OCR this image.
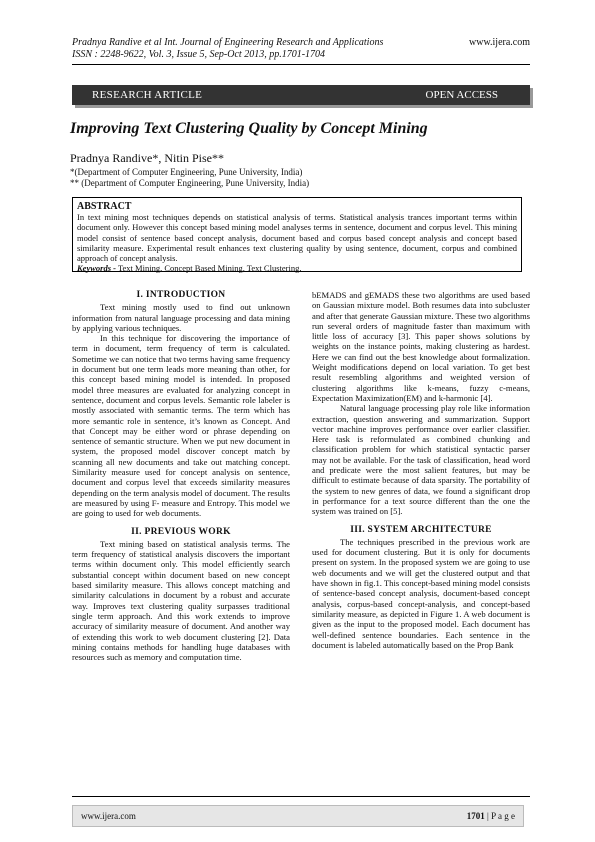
Pradnya Randive et al Int. Journal of Engineering Research and Applications
ISSN : 2248-9622, Vol. 3, Issue 5, Sep-Oct 2013, pp.1701-1704
www.ijera.com
RESEARCH ARTICLE	OPEN ACCESS
Improving Text Clustering Quality by Concept Mining
Pradnya Randive*, Nitin Pise**
*(Department of Computer Engineering, Pune University, India)
** (Department of Computer Engineering, Pune University, India)
ABSTRACT
In text mining most techniques depends on statistical analysis of terms. Statistical analysis trances important terms within document only. However this concept based mining model analyses terms in sentence, document and corpus level. This mining model consist of sentence based concept analysis, document based and corpus based concept analysis and concept based similarity measure. Experimental result enhances text clustering quality by using sentence, document, corpus and combined approach of concept analysis.
Keywords - Text Mining, Concept Based Mining, Text Clustering.
I. INTRODUCTION

Text mining mostly used to find out unknown information from natural language processing and data mining by applying various techniques.

In this technique for discovering the importance of term in document, term frequency of term is calculated. Sometime we can notice that two terms having same frequency in document but one term leads more meaning than other, for this concept based mining model is intended. In proposed model three measures are evaluated for analyzing concept in sentence, document and corpus levels. Semantic role labeler is mostly associated with semantic terms. The term which has more semantic role in sentence, it’s known as Concept. And that Concept may be either word or phrase depending on sentence of semantic structure. When we put new document in system, the proposed model discover concept match by scanning all new documents and take out matching concept. Similarity measure used for concept analysis on sentence, document and corpus level that exceeds similarity measures depending on the term analysis model of document. The results are measured by using F- measure and Entropy. This model we are going to used for web documents.

II. PREVIOUS WORK

Text mining based on statistical analysis terms. The term frequency of statistical analysis discovers the important terms within document only. This model efficiently search substantial concept within document based on new concept based similarity measure. This allows concept matching and similarity calculations in document by a robust and accurate way. Improves text clustering quality surpasses traditional single term approach. And this work extends to improve accuracy of similarity measure of document. And another way of extending this work to web document clustering [2]. Data mining contains methods for handling huge databases with resources such as memory and computation time.

bEMADS and gEMADS these two algorithms are used based on Gaussian mixture model. Both resumes data into subcluster and after that generate Gaussian mixture. These two algorithms run several orders of magnitude faster than maximum with little loss of accuracy [3]. This paper shows solutions by weights on the instance points, making clustering as hardest. Here we can find out the best knowledge about formalization. Weight modifications depend on local variation. To get best result resembling algorithms and weighted version of clustering algorithms like k-means, fuzzy c-means, Expectation Maximization(EM) and k-harmonic [4].

Natural language processing play role like information extraction, question answering and summarization. Support vector machine improves performance over earlier classifier. Here task is reformulated as combined chunking and classification problem for which statistical syntactic parser may not be available. For the task of classification, head word and predicate were the most salient features, but may be difficult to estimate because of data sparsity. The portability of the system to new genres of data, we found a significant drop in performance for a text source different than the one the system was trained on [5].

III. SYSTEM ARCHITECTURE

The techniques prescribed in the previous work are used for document clustering. But it is only for documents present on system. In the proposed system we are going to use web documents and we will get the clustered output and that have shown in fig.1. This concept-based mining model consists of sentence-based concept analysis, document-based concept analysis, corpus-based concept-analysis, and concept-based similarity measure, as depicted in Figure 1. A web document is given as the input to the proposed model. Each document has well-defined sentence boundaries. Each sentence in the document is labeled automatically based on the Prop Bank

www.ijera.com	1701 | P a g e
